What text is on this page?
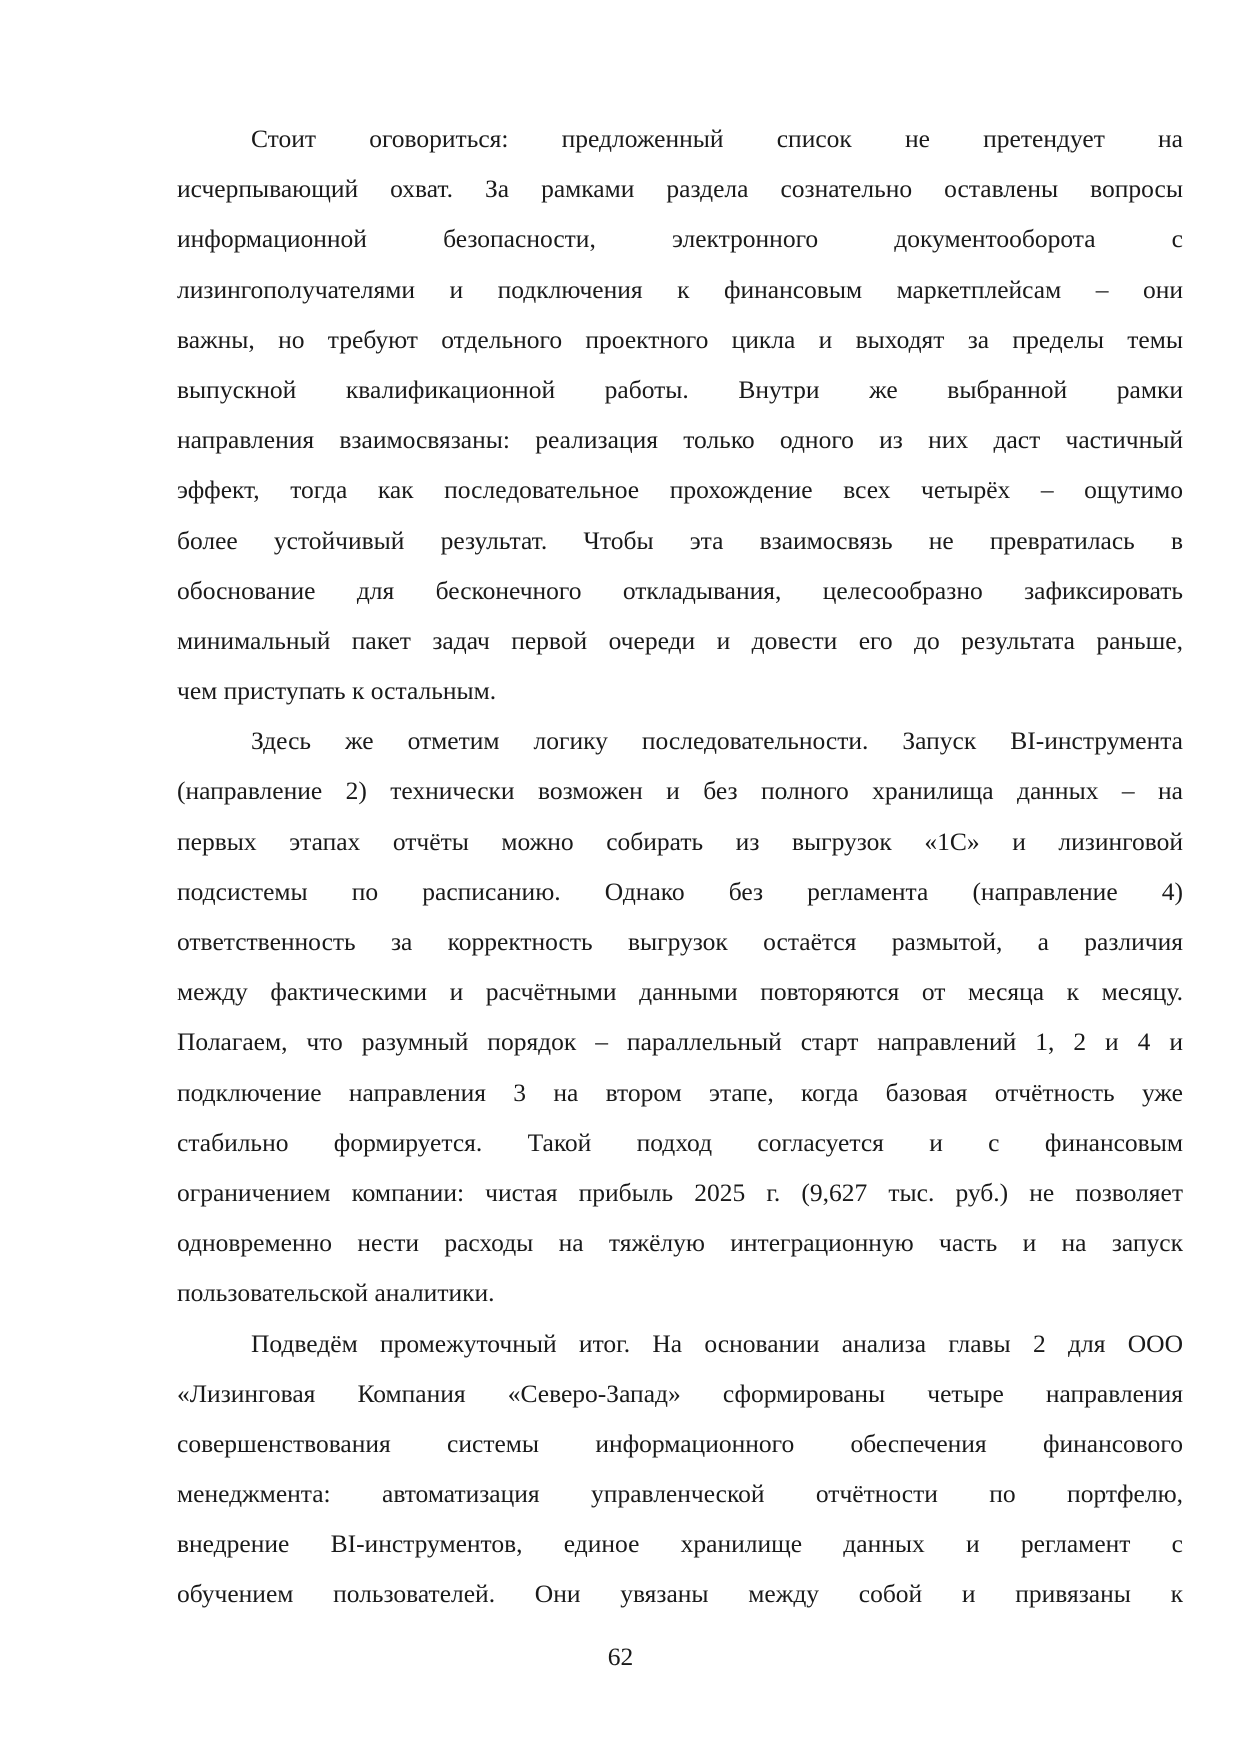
Стоит оговориться: предложенный список не претендует на
исчерпывающий охват. За рамками раздела сознательно оставлены вопросы
информационной безопасности, электронного документооборота с
лизингополучателями и подключения к финансовым маркетплейсам – они
важны, но требуют отдельного проектного цикла и выходят за пределы темы
выпускной квалификационной работы. Внутри же выбранной рамки
направления взаимосвязаны: реализация только одного из них даст частичный
эффект, тогда как последовательное прохождение всех четырёх – ощутимо
более устойчивый результат. Чтобы эта взаимосвязь не превратилась в
обоснование для бесконечного откладывания, целесообразно зафиксировать
минимальный пакет задач первой очереди и довести его до результата раньше,
чем приступать к остальным.
Здесь же отметим логику последовательности. Запуск BI-инструмента
(направление 2) технически возможен и без полного хранилища данных – на
первых этапах отчёты можно собирать из выгрузок «1С» и лизинговой
подсистемы по расписанию. Однако без регламента (направление 4)
ответственность за корректность выгрузок остаётся размытой, а различия
между фактическими и расчётными данными повторяются от месяца к месяцу.
Полагаем, что разумный порядок – параллельный старт направлений 1, 2 и 4 и
подключение направления 3 на втором этапе, когда базовая отчётность уже
стабильно формируется. Такой подход согласуется и с финансовым
ограничением компании: чистая прибыль 2025 г. (9,627 тыс. руб.) не позволяет
одновременно нести расходы на тяжёлую интеграционную часть и на запуск
пользовательской аналитики.
Подведём промежуточный итог. На основании анализа главы 2 для ООО
«Лизинговая Компания «Северо-Запад» сформированы четыре направления
совершенствования системы информационного обеспечения финансового
менеджмента: автоматизация управленческой отчётности по портфелю,
внедрение BI-инструментов, единое хранилище данных и регламент с
обучением пользователей. Они увязаны между собой и привязаны к
62
